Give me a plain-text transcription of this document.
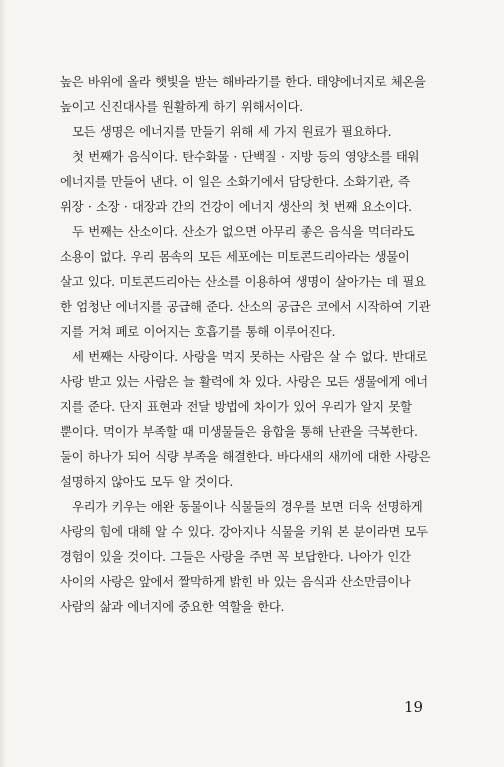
높은 바위에 올라 햇빛을 받는 해바라기를 한다. 태양에너지로 체온을
높이고 신진대사를 원활하게 하기 위해서이다.
모든 생명은 에너지를 만들기 위해 세 가지 원료가 필요하다.
첫 번째가 음식이다. 탄수화물 · 단백질 · 지방 등의 영양소를 태워
에너지를 만들어 낸다. 이 일은 소화기에서 담당한다. 소화기관, 즉
위장 · 소장 · 대장과 간의 건강이 에너지 생산의 첫 번째 요소이다.
두 번째는 산소이다. 산소가 없으면 아무리 좋은 음식을 먹더라도
소용이 없다. 우리 몸속의 모든 세포에는 미토콘드리아라는 생물이
살고 있다. 미토콘드리아는 산소를 이용하여 생명이 살아가는 데 필요
한 엄청난 에너지를 공급해 준다. 산소의 공급은 코에서 시작하여 기관
지를 거쳐 폐로 이어지는 호흡기를 통해 이루어진다.
세 번째는 사랑이다. 사랑을 먹지 못하는 사람은 살 수 없다. 반대로
사랑 받고 있는 사람은 늘 활력에 차 있다. 사랑은 모든 생물에게 에너
지를 준다. 단지 표현과 전달 방법에 차이가 있어 우리가 알지 못할
뿐이다. 먹이가 부족할 때 미생물들은 융합을 통해 난관을 극복한다.
둘이 하나가 되어 식량 부족을 해결한다. 바다새의 새끼에 대한 사랑은
설명하지 않아도 모두 알 것이다.
우리가 키우는 애완 동물이나 식물들의 경우를 보면 더욱 선명하게
사랑의 힘에 대해 알 수 있다. 강아지나 식물을 키워 본 분이라면 모두
경험이 있을 것이다. 그들은 사랑을 주면 꼭 보답한다. 나아가 인간
사이의 사랑은 앞에서 짤막하게 밝힌 바 있는 음식과 산소만큼이나
사람의 삶과 에너지에 중요한 역할을 한다.
19
